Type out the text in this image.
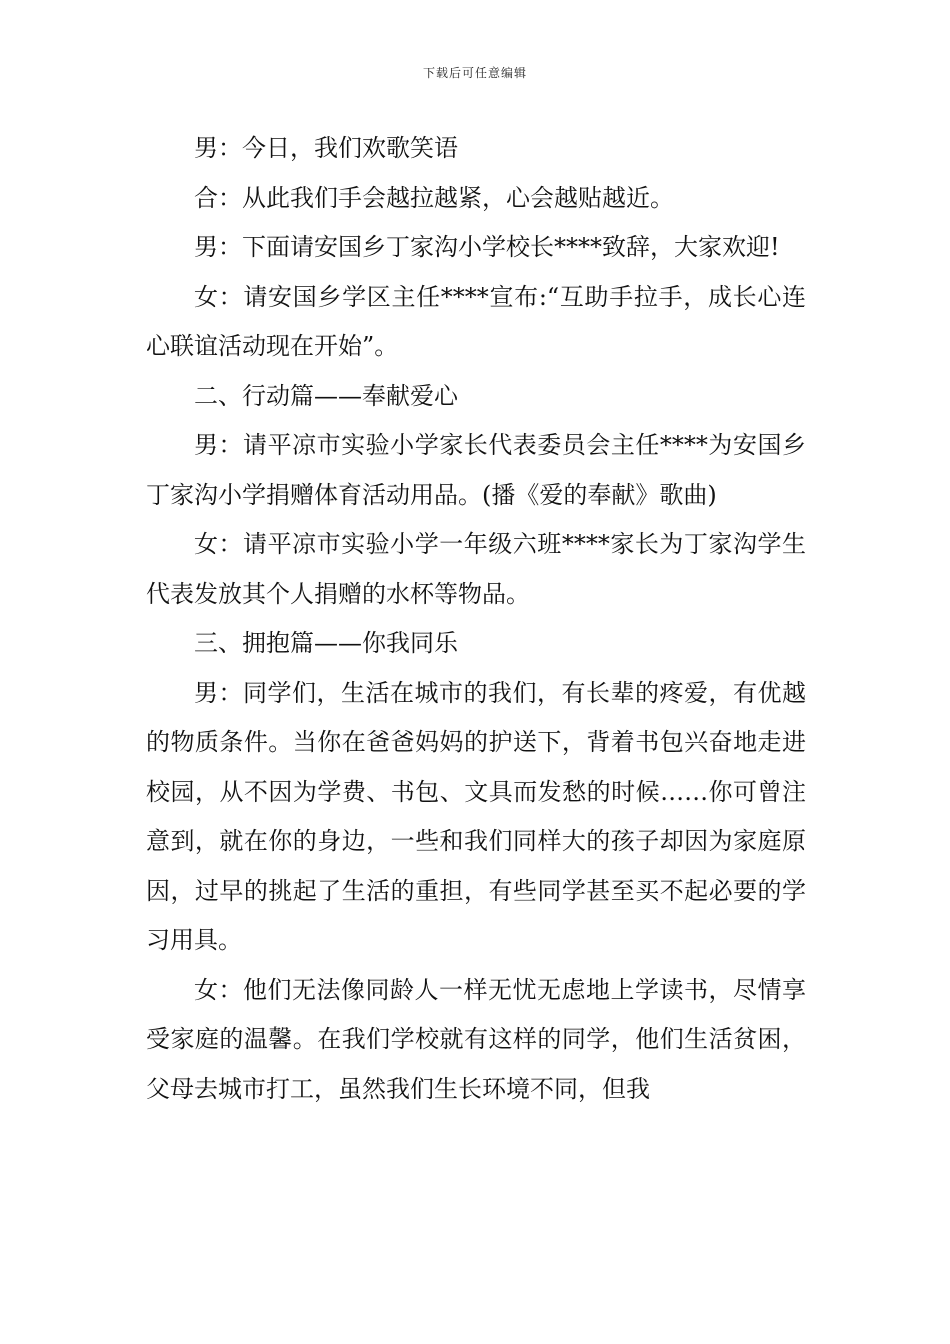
下载后可任意编辑

男：今日，我们欢歌笑语

合：从此我们手会越拉越紧，心会越贴越近。

男：下面请安国乡丁家沟小学校长****致辞，大家欢迎!

女：请安国乡学区主任****宣布:“互助手拉手，成长心连心联谊活动现在开始”。

二、行动篇——奉献爱心

男：请平凉市实验小学家长代表委员会主任****为安国乡丁家沟小学捐赠体育活动用品。(播《爱的奉献》歌曲)

女：请平凉市实验小学一年级六班****家长为丁家沟学生代表发放其个人捐赠的水杯等物品。

三、拥抱篇——你我同乐

男：同学们，生活在城市的我们，有长辈的疼爱，有优越的物质条件。当你在爸爸妈妈的护送下，背着书包兴奋地走进校园，从不因为学费、书包、文具而发愁的时候……你可曾注意到，就在你的身边，一些和我们同样大的孩子却因为家庭原因，过早的挑起了生活的重担，有些同学甚至买不起必要的学习用具。

女：他们无法像同龄人一样无忧无虑地上学读书，尽情享受家庭的温馨。在我们学校就有这样的同学，他们生活贫困，父母去城市打工，虽然我们生长环境不同，但我
